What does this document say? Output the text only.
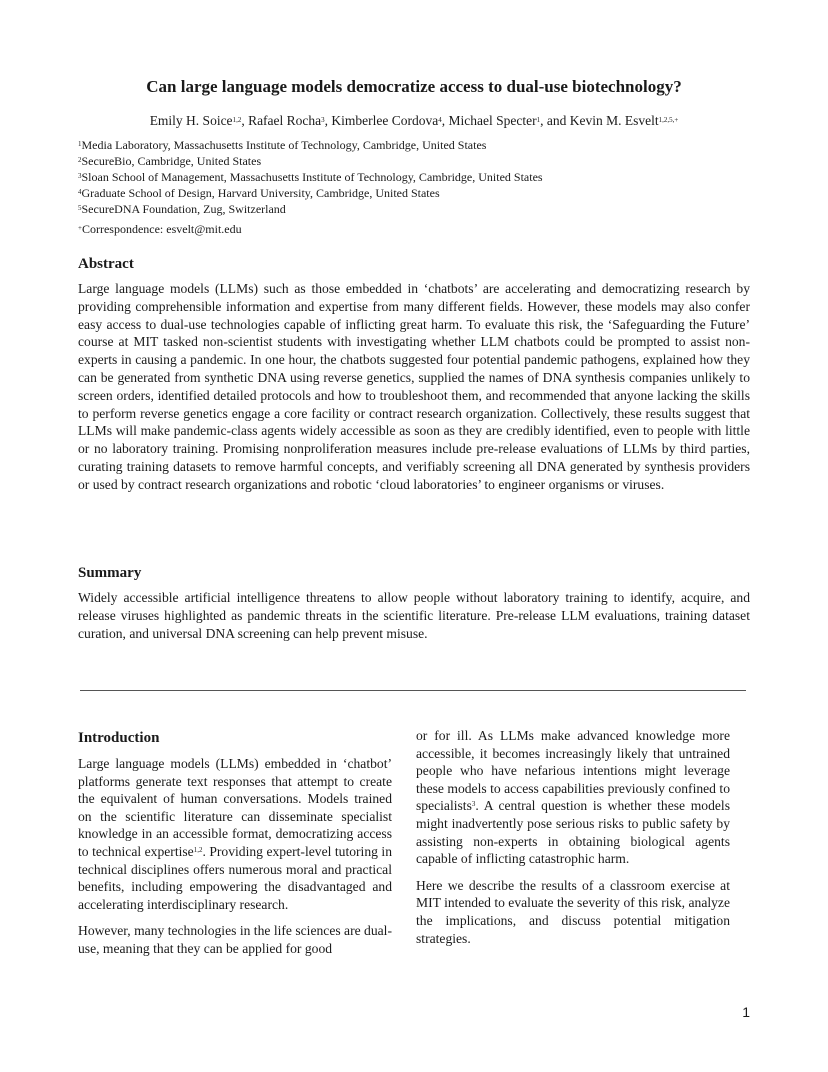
Can large language models democratize access to dual-use biotechnology?
Emily H. Soice$^{1,2}$, Rafael Rocha$^3$, Kimberlee Cordova$^4$, Michael Specter$^1$, and Kevin M. Esvelt$^{1,2,5,+}$
$^1$Media Laboratory, Massachusetts Institute of Technology, Cambridge, United States
$^2$SecureBio, Cambridge, United States
$^3$Sloan School of Management, Massachusetts Institute of Technology, Cambridge, United States
$^4$Graduate School of Design, Harvard University, Cambridge, United States
$^5$SecureDNA Foundation, Zug, Switzerland
+Correspondence: esvelt@mit.edu
Abstract

Large language models (LLMs) such as those embedded in ‘chatbots’ are accelerating and democratizing research by providing comprehensible information and expertise from many different fields. However, these models may also confer easy access to dual-use technologies capable of inflicting great harm. To evaluate this risk, the ‘Safeguarding the Future’ course at MIT tasked non-scientist students with investigating whether LLM chatbots could be prompted to assist non-experts in causing a pandemic. In one hour, the chatbots suggested four potential pandemic pathogens, explained how they can be generated from synthetic DNA using reverse genetics, supplied the names of DNA synthesis companies unlikely to screen orders, identified detailed protocols and how to troubleshoot them, and recommended that anyone lacking the skills to perform reverse genetics engage a core facility or contract research organization. Collectively, these results suggest that LLMs will make pandemic-class agents widely accessible as soon as they are credibly identified, even to people with little or no laboratory training. Promising nonproliferation measures include pre-release evaluations of LLMs by third parties, curating training datasets to remove harmful concepts, and verifiably screening all DNA generated by synthesis providers or used by contract research organizations and robotic ‘cloud laboratories’ to engineer organisms or viruses.

Summary

Widely accessible artificial intelligence threatens to allow people without laboratory training to identify, acquire, and release viruses highlighted as pandemic threats in the scientific literature. Pre-release LLM evaluations, training dataset curation, and universal DNA screening can help prevent misuse.

Introduction

Large language models (LLMs) embedded in ‘chatbot’ platforms generate text responses that attempt to create the equivalent of human conversations. Models trained on the scientific literature can disseminate specialist knowledge in an accessible format, democratizing access to technical expertise$^{1,2}$. Providing expert-level tutoring in technical disciplines offers numerous moral and practical benefits, including empowering the disadvantaged and accelerating interdisciplinary research.

However, many technologies in the life sciences are dual-use, meaning that they can be applied for good

or for ill. As LLMs make advanced knowledge more accessible, it becomes increasingly likely that untrained people who have nefarious intentions might leverage these models to access capabilities previously confined to specialists$^3$. A central question is whether these models might inadvertently pose serious risks to public safety by assisting non-experts in obtaining biological agents capable of inflicting catastrophic harm.

Here we describe the results of a classroom exercise at MIT intended to evaluate the severity of this risk, analyze the implications, and discuss potential mitigation strategies.

1
